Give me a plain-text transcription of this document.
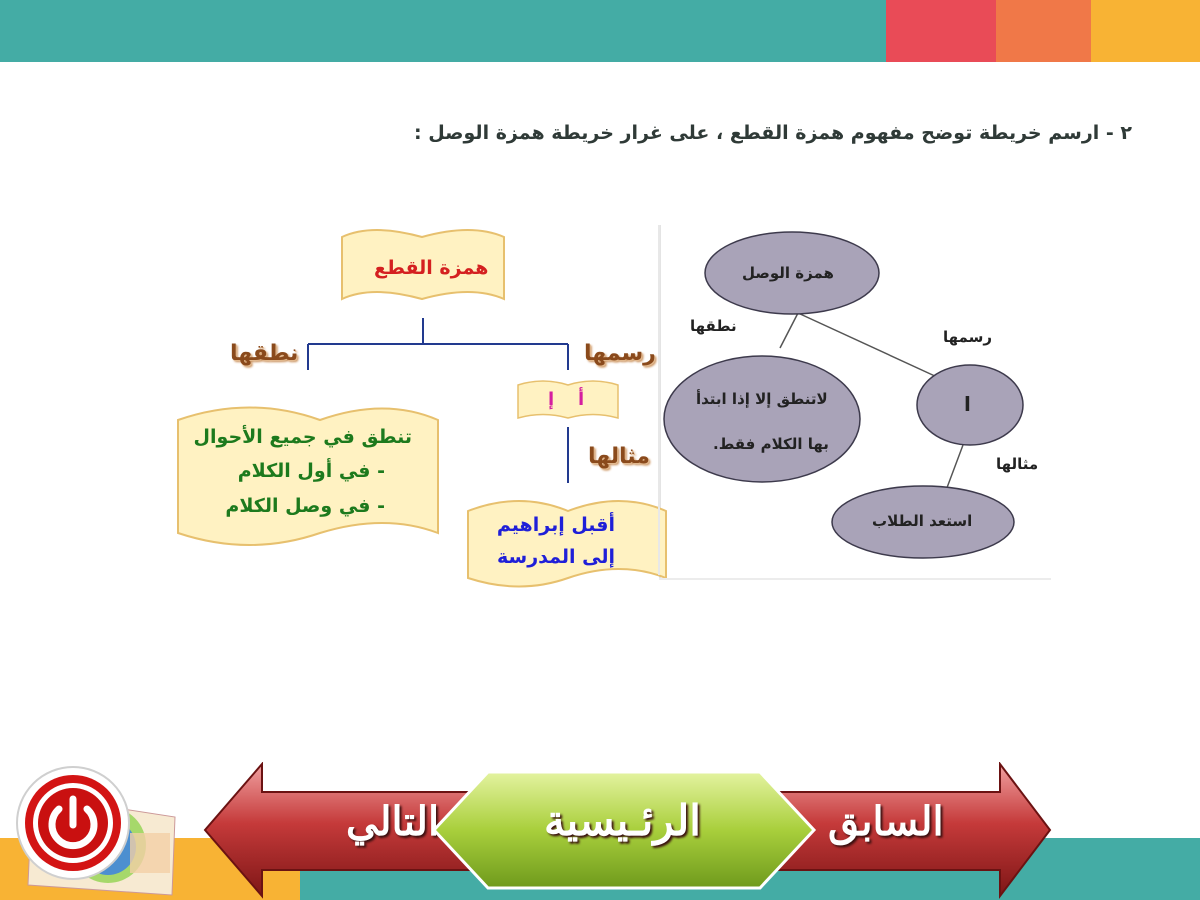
٢ - ارسم خريطة توضح مفهوم همزة القطع ، على غرار خريطة همزة الوصل :
همزة القطع
نطقها	رسمها
مثالها
أ
إ
تنطق في جميع الأحوال
- في أول الكلام
- في وصل الكلام
أقبل إبراهيم
إلى المدرسة
همزة الوصل
نطقها
رسمها
مثالها
ا
لاتنطق إلا إذا ابتدأ
بها الكلام فقط.
استعد الطلاب
السابق
التالي الرئـيسية
